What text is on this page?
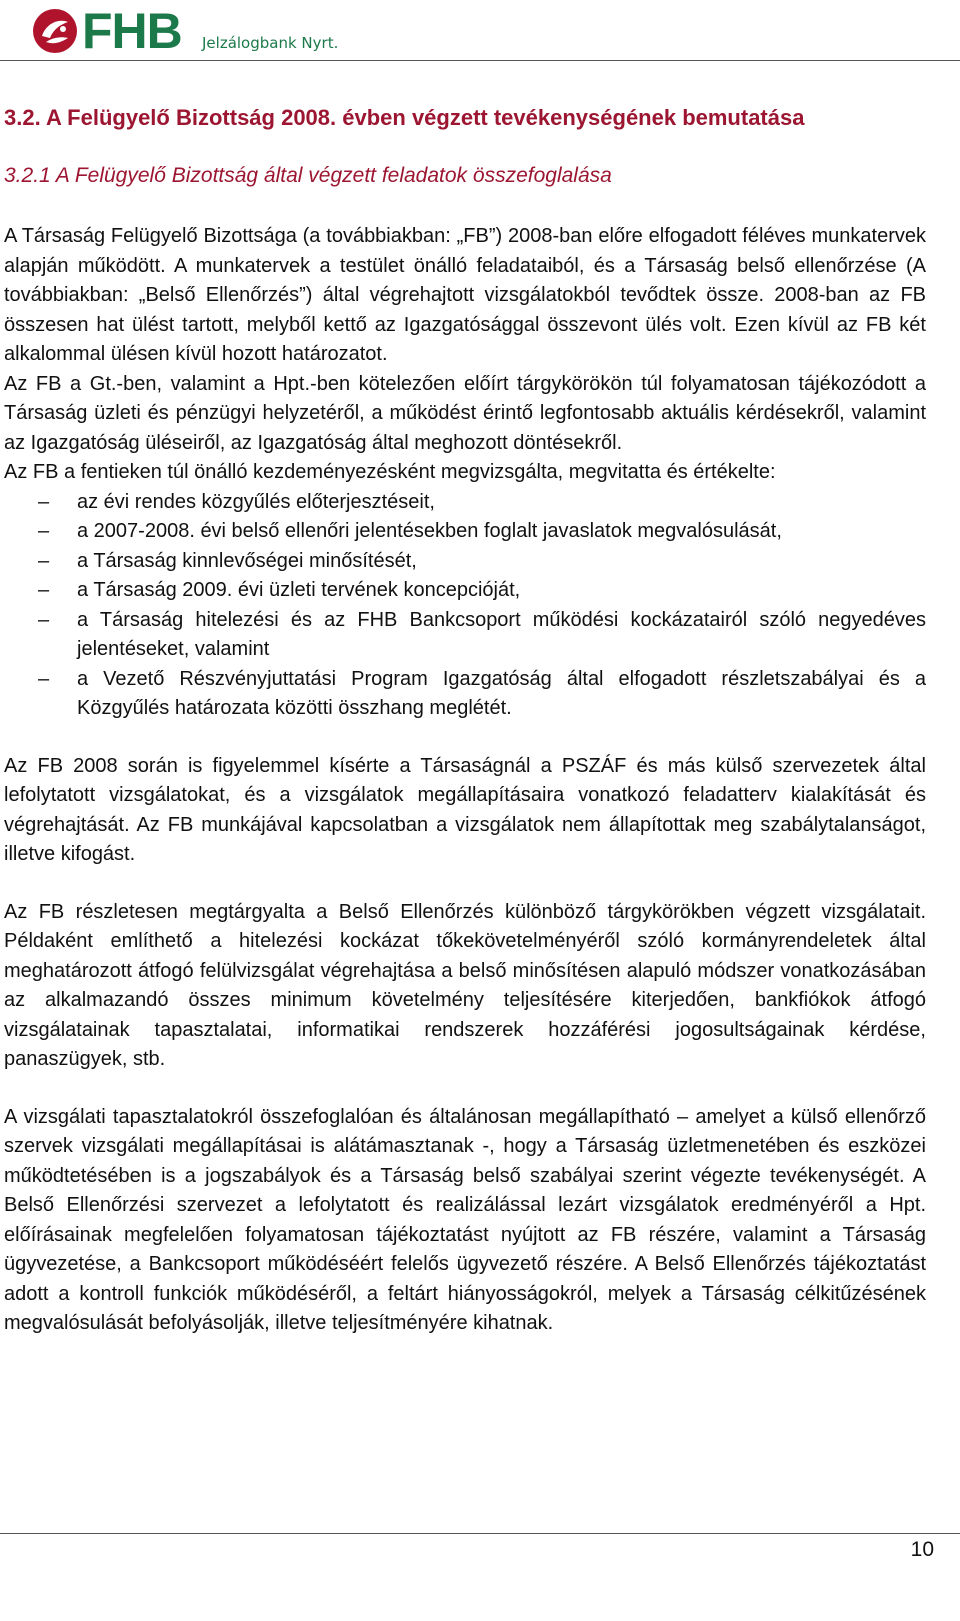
FHB Jelzálogbank Nyrt.
3.2. A Felügyelő Bizottság 2008. évben végzett tevékenységének bemutatása
3.2.1 A Felügyelő Bizottság által végzett feladatok összefoglalása

A Társaság Felügyelő Bizottsága (a továbbiakban: „FB”) 2008-ban előre elfogadott féléves munkatervek alapján működött. A munkatervek a testület önálló feladataiból, és a Társaság belső ellenőrzése (A továbbiakban: „Belső Ellenőrzés”) által végrehajtott vizsgálatokból tevődtek össze. 2008-ban az FB összesen hat ülést tartott, melyből kettő az Igazgatósággal összevont ülés volt. Ezen kívül az FB két alkalommal ülésen kívül hozott határozatot.

Az FB a Gt.-ben, valamint a Hpt.-ben kötelezően előírt tárgykörökön túl folyamatosan tájékozódott a Társaság üzleti és pénzügyi helyzetéről, a működést érintő legfontosabb aktuális kérdésekről, valamint az Igazgatóság üléseiről, az Igazgatóság által meghozott döntésekről.

Az FB a fentieken túl önálló kezdeményezésként megvizsgálta, megvitatta és értékelte:

– az évi rendes közgyűlés előterjesztéseit,
– a 2007-2008. évi belső ellenőri jelentésekben foglalt javaslatok megvalósulását,
– a Társaság kinnlevőségei minősítését,
– a Társaság 2009. évi üzleti tervének koncepcióját,
– a Társaság hitelezési és az FHB Bankcsoport működési kockázatairól szóló negyedéves jelentéseket, valamint
– a Vezető Részvényjuttatási Program Igazgatóság által elfogadott részletszabályai és a Közgyűlés határozata közötti összhang meglétét.

Az FB 2008 során is figyelemmel kísérte a Társaságnál a PSZÁF és más külső szervezetek által lefolytatott vizsgálatokat, és a vizsgálatok megállapításaira vonatkozó feladatterv kialakítását és végrehajtását. Az FB munkájával kapcsolatban a vizsgálatok nem állapítottak meg szabálytalanságot, illetve kifogást.

Az FB részletesen megtárgyalta a Belső Ellenőrzés különböző tárgykörökben végzett vizsgálatait. Példaként említhető a hitelezési kockázat tőkekövetelményéről szóló kormányrendeletek által meghatározott átfogó felülvizsgálat végrehajtása a belső minősítésen alapuló módszer vonatkozásában az alkalmazandó összes minimum követelmény teljesítésére kiterjedően, bankfiókok átfogó vizsgálatainak tapasztalatai, informatikai rendszerek hozzáférési jogosultságainak kérdése, panaszügyek, stb.

A vizsgálati tapasztalatokról összefoglalóan és általánosan megállapítható – amelyet a külső ellenőrző szervek vizsgálati megállapításai is alátámasztanak -, hogy a Társaság üzletmenetében és eszközei működtetésében is a jogszabályok és a Társaság belső szabályai szerint végezte tevékenységét. A Belső Ellenőrzési szervezet a lefolytatott és realizálással lezárt vizsgálatok eredményéről a Hpt. előírásainak megfelelően folyamatosan tájékoztatást nyújtott az FB részére, valamint a Társaság ügyvezetése, a Bankcsoport működéséért felelős ügyvezető részére. A Belső Ellenőrzés tájékoztatást adott a kontroll funkciók működéséről, a feltárt hiányosságokról, melyek a Társaság célkitűzésének megvalósulását befolyásolják, illetve teljesítményére kihatnak.

10
